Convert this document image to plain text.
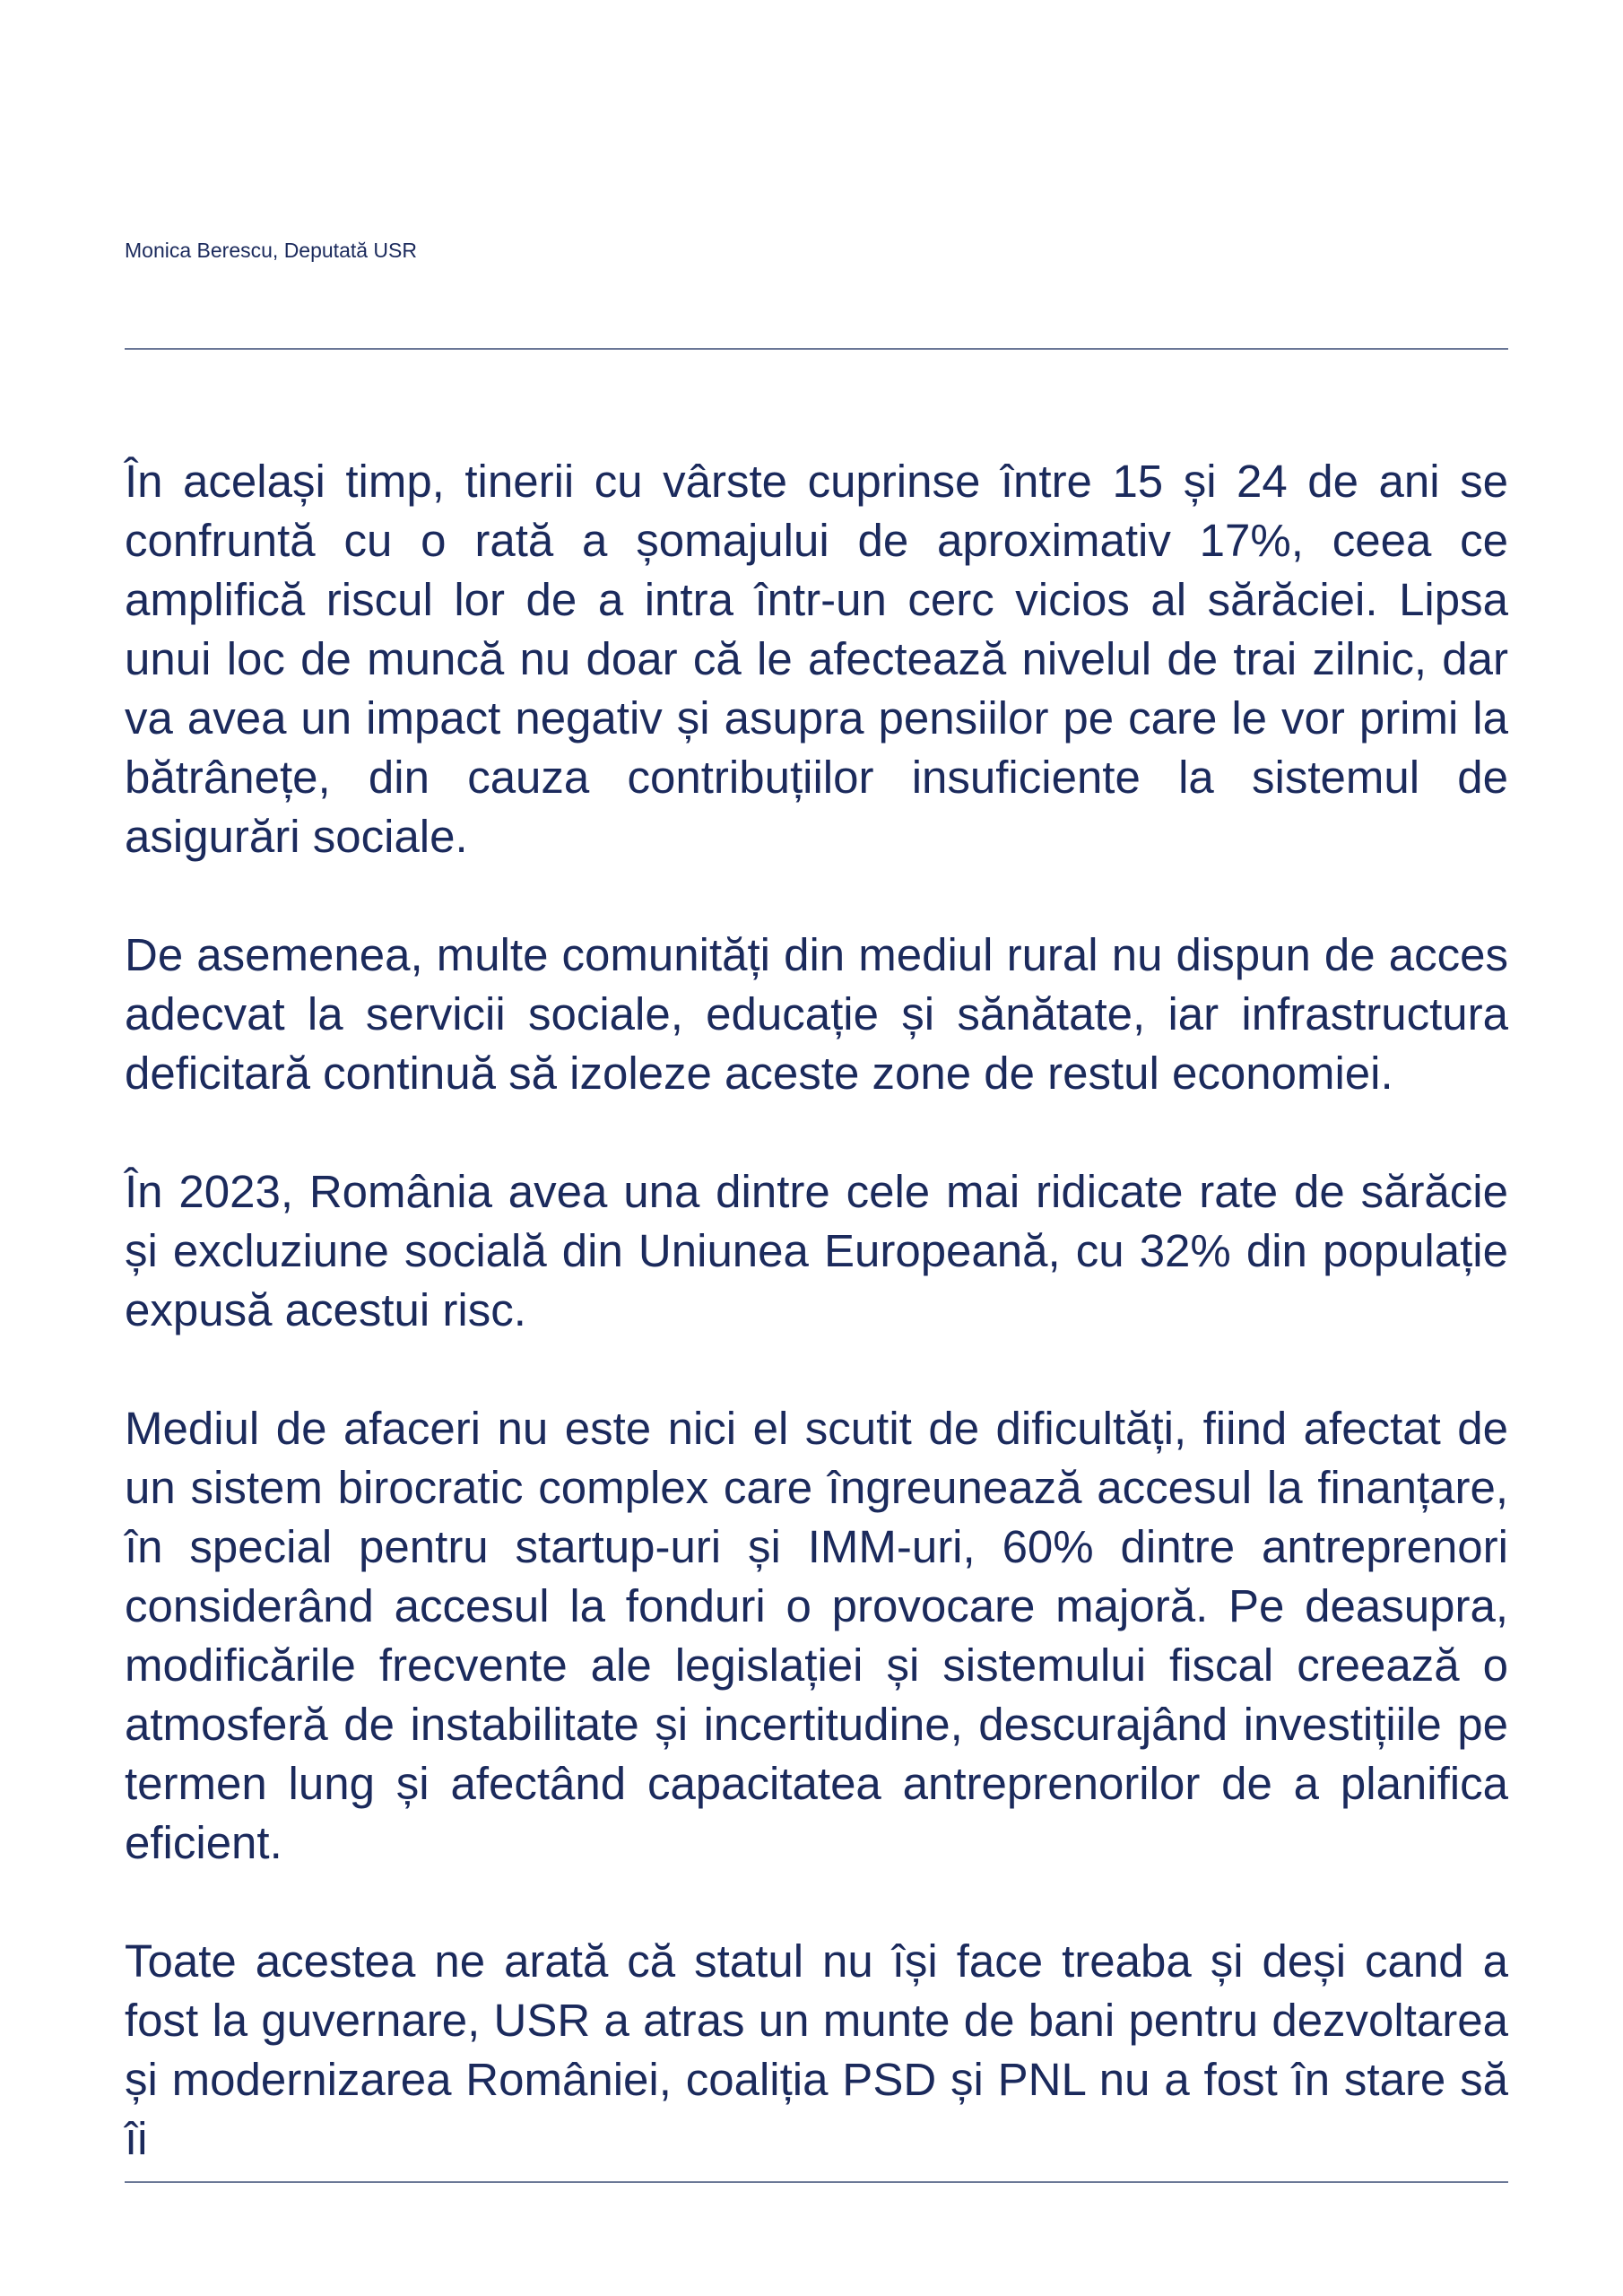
Monica Berescu, Deputată USR

În același timp, tinerii cu vârste cuprinse între 15 și 24 de ani se confruntă cu o rată a șomajului de aproximativ 17%, ceea ce amplifică riscul lor de a intra într-un cerc vicios al sărăciei. Lipsa unui loc de muncă nu doar că le afectează nivelul de trai zilnic, dar va avea un impact negativ și asupra pensiilor pe care le vor primi la bătrânețe, din cauza contribuțiilor insuficiente la sistemul de asigurări sociale.

De asemenea, multe comunități din mediul rural nu dispun de acces adecvat la servicii sociale, educație și sănătate, iar infrastructura deficitară continuă să izoleze aceste zone de restul economiei.

În 2023, România avea una dintre cele mai ridicate rate de sărăcie și excluziune socială din Uniunea Europeană, cu 32% din populație expusă acestui risc.

Mediul de afaceri nu este nici el scutit de dificultăți, fiind afectat de un sistem birocratic complex care îngreunează accesul la finanțare, în special pentru startup-uri și IMM-uri, 60% dintre antreprenori considerând accesul la fonduri o provocare majoră. Pe deasupra, modificările frecvente ale legislației și sistemului fiscal creează o atmosferă de instabilitate și incertitudine, descurajând investițiile pe termen lung și afectând capacitatea antreprenorilor de a planifica eficient.

Toate acestea ne arată că statul nu își face treaba și deși cand a fost la guvernare, USR a atras un munte de bani pentru dezvoltarea și modernizarea României, coaliția PSD și PNL nu a fost în stare să îi
